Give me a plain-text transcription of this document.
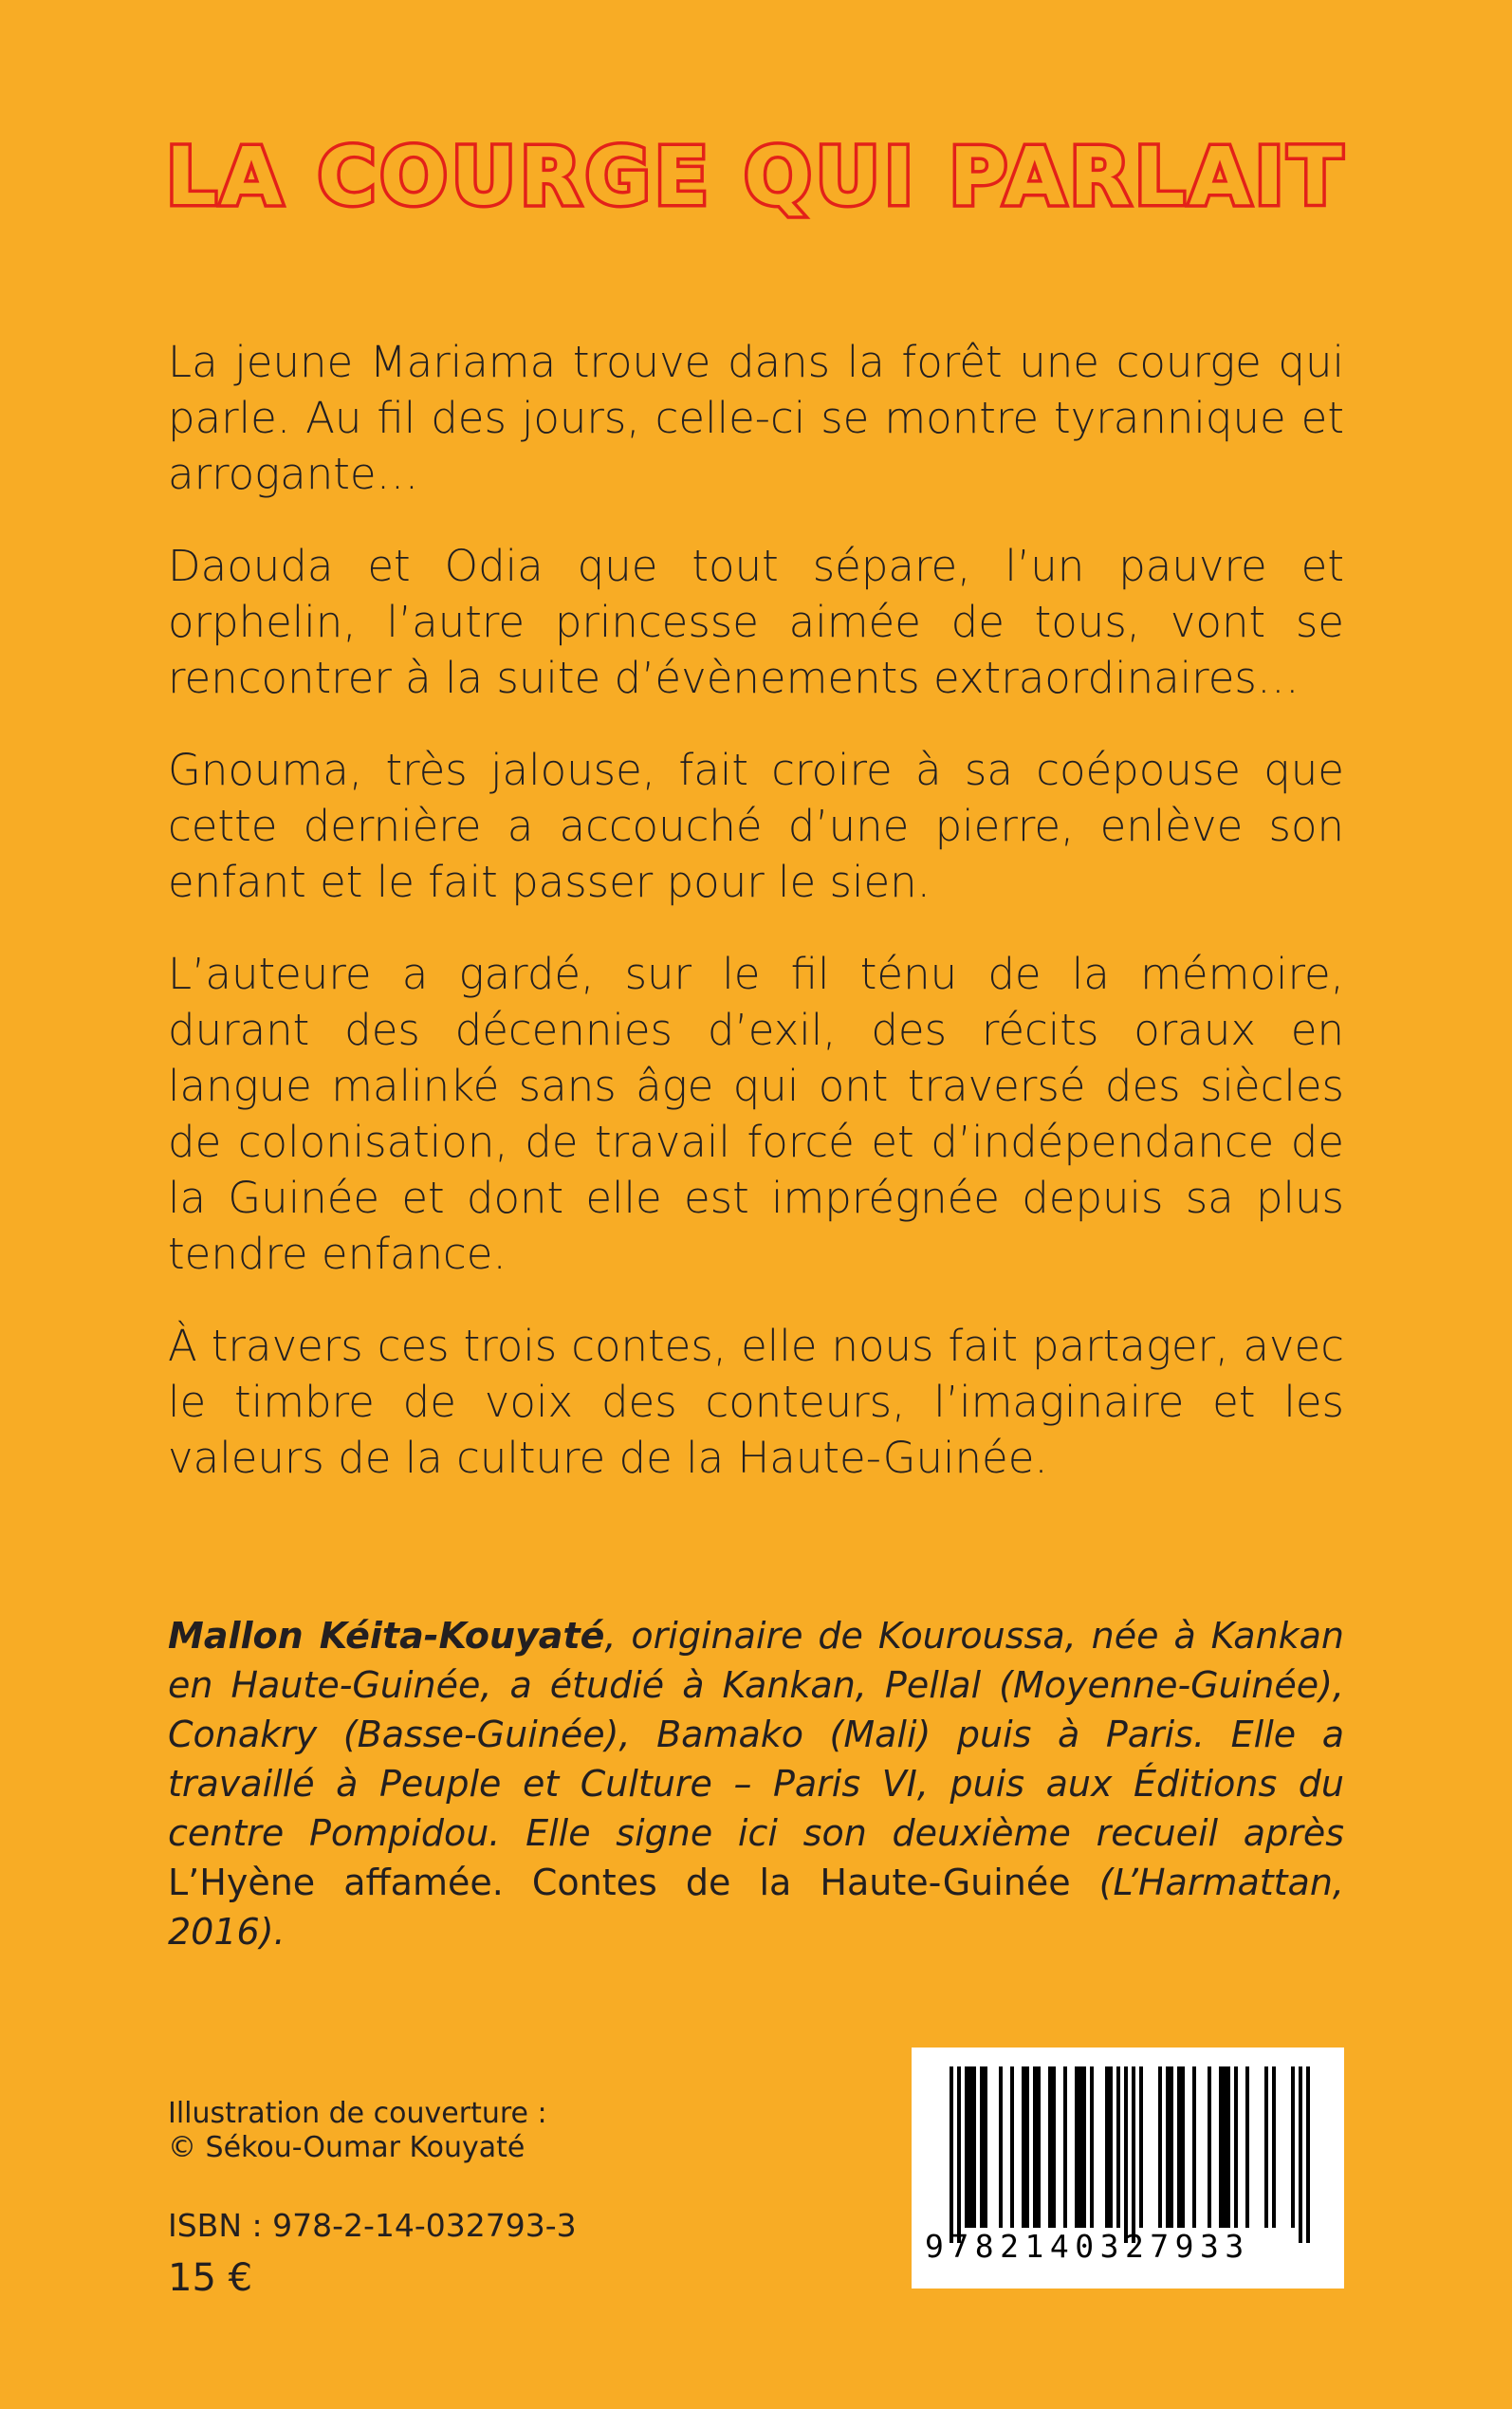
LA COURGE QUI PARLAIT

La jeune Mariama trouve dans la forêt une courge qui parle. Au fil des jours, celle-ci se montre tyrannique et arrogante…

Daouda et Odia que tout sépare, l’un pauvre et orphelin, l’autre princesse aimée de tous, vont se rencontrer à la suite d’évènements extraordinaires…

Gnouma, très jalouse, fait croire à sa coépouse que cette dernière a accouché d’une pierre, enlève son enfant et le fait passer pour le sien.

L’auteure a gardé, sur le fil ténu de la mémoire, durant des décennies d’exil, des récits oraux en langue malinké sans âge qui ont traversé des siècles de colonisation, de travail forcé et d’indépendance de la Guinée et dont elle est imprégnée depuis sa plus tendre enfance.

À travers ces trois contes, elle nous fait partager, avec le timbre de voix des conteurs, l’imaginaire et les valeurs de la culture de la Haute-Guinée.

Mallon Kéita-Kouyaté, originaire de Kouroussa, née à Kankan en Haute-Guinée, a étudié à Kankan, Pellal (Moyenne-Guinée), Conakry (Basse-Guinée), Bamako (Mali) puis à Paris. Elle a travaillé à Peuple et Culture – Paris VI, puis aux Éditions du centre Pompidou. Elle signe ici son deuxième recueil après L’Hyène affamée. Contes de la Haute-Guinée (L’Harmattan, 2016).

Illustration de couverture :
© Sékou-Oumar Kouyaté
ISBN : 978-2-14-032793-3
15 €
9782140327933
